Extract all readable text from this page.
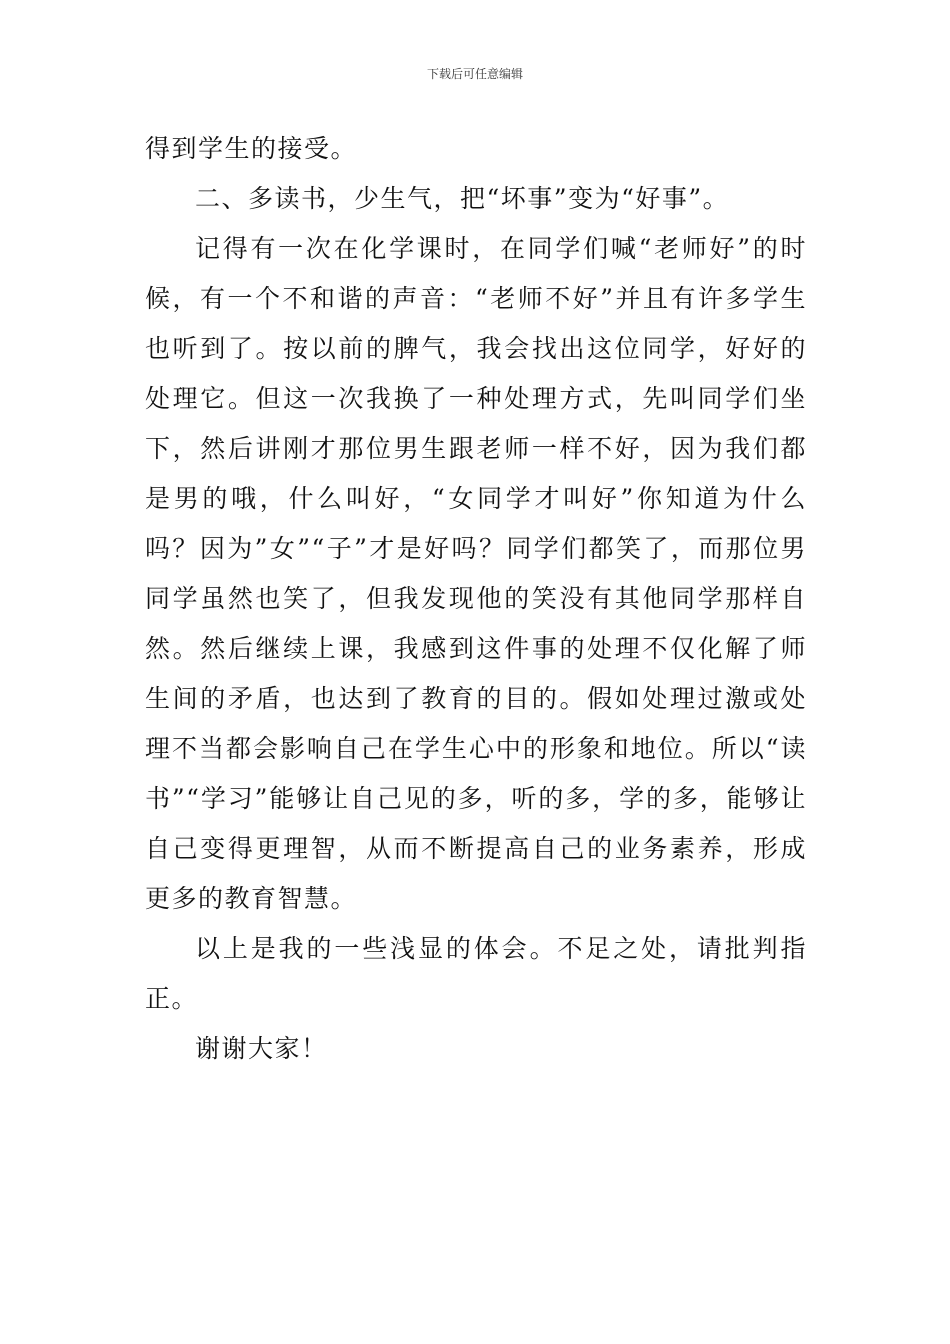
下载后可任意编辑

得到学生的接受。

二、多读书，少生气，把“坏事”变为“好事”。

记得有一次在化学课时，在同学们喊“老师好”的时候，有一个不和谐的声音：“老师不好”并且有许多学生也听到了。按以前的脾气，我会找出这位同学，好好的处理它。但这一次我换了一种处理方式，先叫同学们坐下，然后讲刚才那位男生跟老师一样不好，因为我们都是男的哦，什么叫好，“女同学才叫好”你知道为什么吗？因为”女”“子”才是好吗？同学们都笑了，而那位男同学虽然也笑了，但我发现他的笑没有其他同学那样自然。然后继续上课，我感到这件事的处理不仅化解了师生间的矛盾，也达到了教育的目的。假如处理过激或处理不当都会影响自己在学生心中的形象和地位。所以“读书”“学习”能够让自己见的多，听的多，学的多，能够让自己变得更理智，从而不断提高自己的业务素养，形成更多的教育智慧。

以上是我的一些浅显的体会。不足之处，请批判指正。

谢谢大家！
